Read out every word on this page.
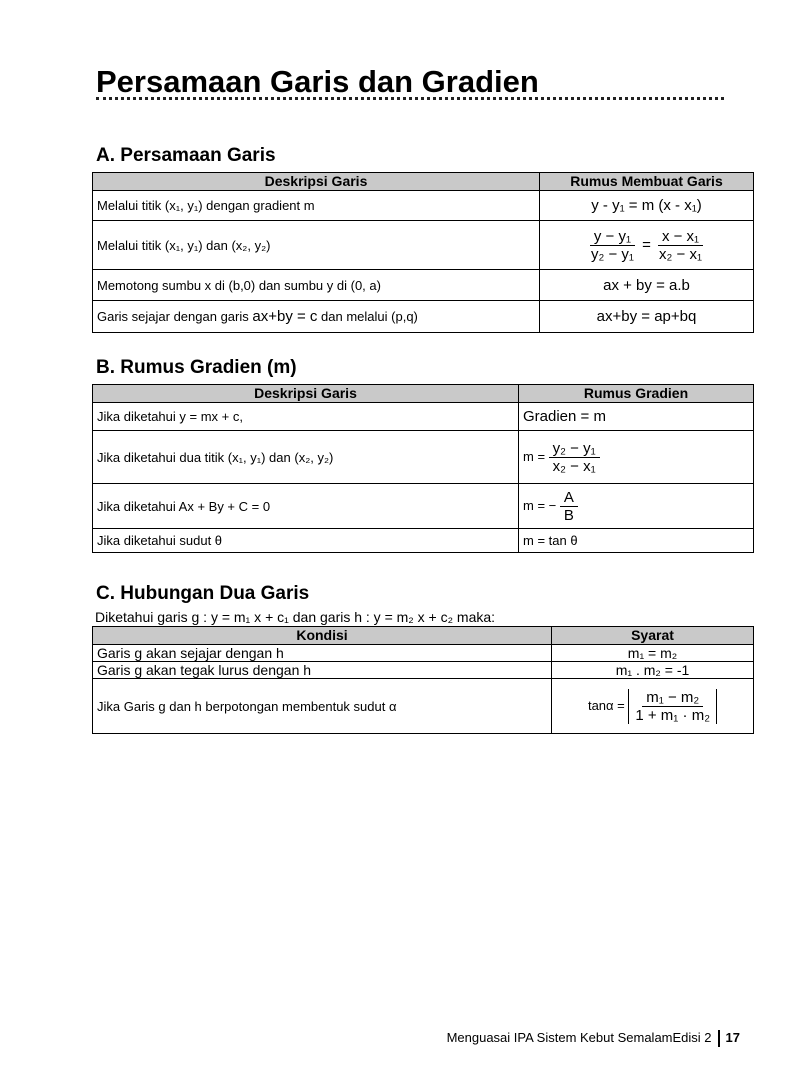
Persamaan Garis dan Gradien
A. Persamaan Garis
Deskripsi Garis	Rumus Membuat Garis
Melalui titik (x₁, y₁) dengan gradient m	y - y₁ = m (x - x₁)
Melalui titik (x₁, y₁) dan (x₂, y₂)	$\frac{\text{y − y₁}}{\text{y₂ − y₁}} = \frac{\text{x − x₁}}{\text{x₂ − x₁}}$

Memotong sumbu x di (b,0) dan sumbu y di (0, a)	ax + by = a.b
Garis sejajar dengan garis ax+by = c dan melalui (p,q)	ax+by = ap+bq
B. Rumus Gradien (m)
Deskripsi Garis	Rumus Gradien
Jika diketahui y = mx + c,	Gradien = m
Jika diketahui dua titik (x₁, y₁) dan (x₂, y₂)	$m = \frac{\text{y₂ − y₁}}{\text{x₂ − x₁}}$

Jika diketahui Ax + By + C = 0	m = − $\frac{A}{B}$

Jika diketahui sudut θ	m = tan θ
C. Hubungan Dua Garis
Diketahui garis g : y = m₁ x + c₁ dan garis h : y = m₂ x + c₂ maka:
Kondisi	Syarat
Garis g akan sejajar dengan h	m₁ = m₂
Garis g akan tegak lurus dengan h	m₁ . m₂ = -1
Jika Garis g dan h berpotongan membentuk sudut α	$\tan\alpha = \frac{\text{m₁ − m₂}}{\text{1 + m₁ · m₂}}$
Menguasai IPA Sistem Kebut SemalamEdisi 2 17
